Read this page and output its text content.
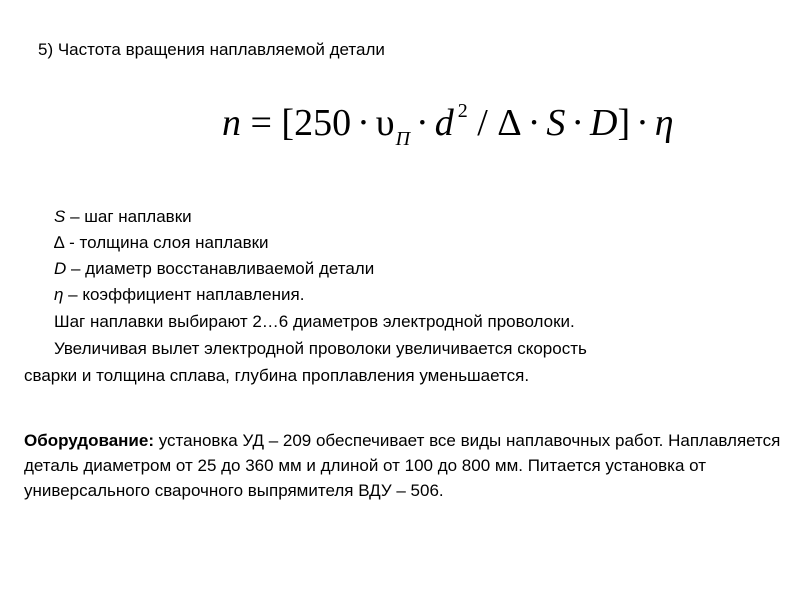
5) Частота вращения наплавляемой детали
$n = [250 \cdot \upsilon_П \cdot d$ $^2$ / Δ · S · D] · η
S – шаг наплавки
∆ - толщина слоя наплавки
D – диаметр восстанавливаемой детали
η – коэффициент наплавления.
Шаг наплавки выбирают 2…6 диаметров электродной проволоки.
Увеличивая вылет электродной проволоки увеличивается скорость
сварки и толщина сплава, глубина проплавления уменьшается.
Оборудование: установка УД – 209 обеспечивает все виды наплавочных работ. Наплавляется деталь диаметром от 25 до 360 мм и длиной от 100 до 800 мм. Питается установка от универсального сварочного выпрямителя ВДУ – 506.
